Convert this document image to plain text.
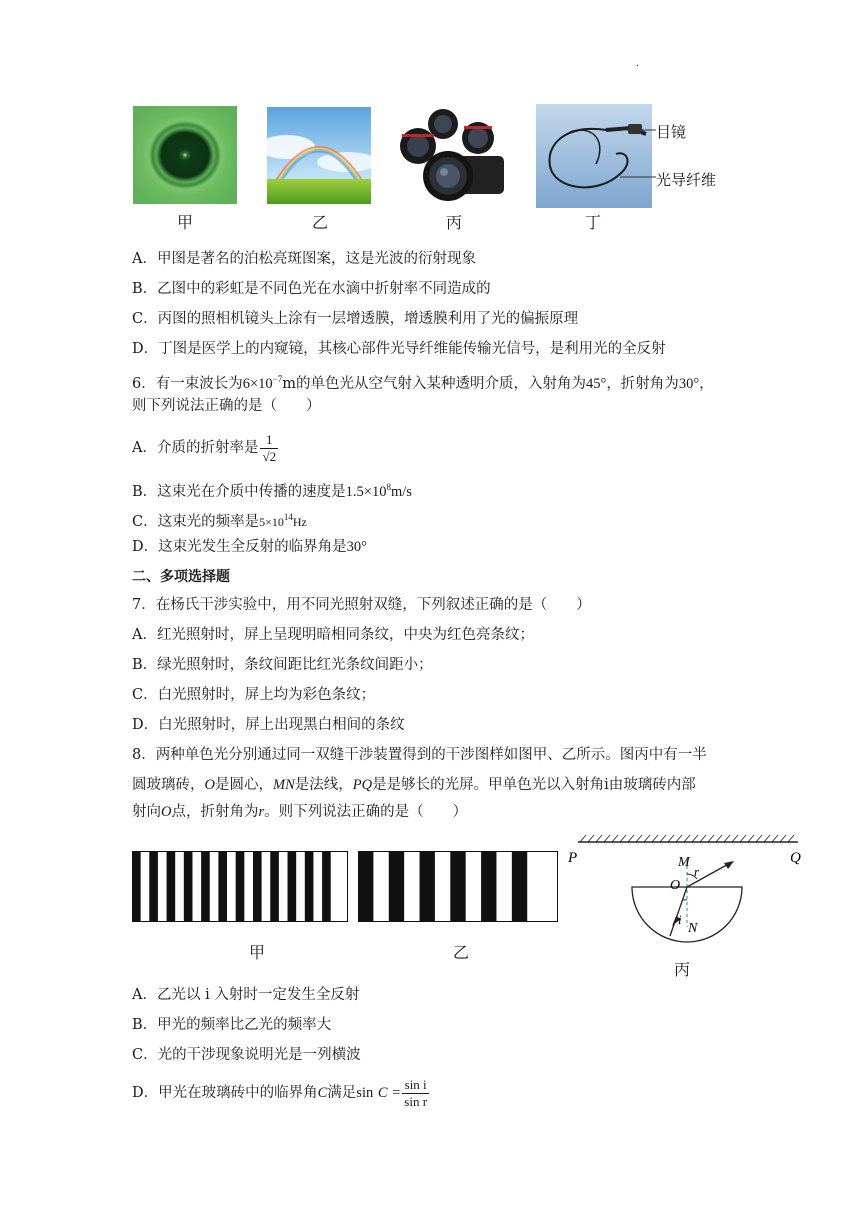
.
目镜
光导纤维
甲	乙	丙	丁
A．甲图是著名的泊松亮斑图案，这是光波的衍射现象
B．乙图中的彩虹是不同色光在水滴中折射率不同造成的
C．丙图的照相机镜头上涂有一层增透膜，增透膜利用了光的偏振原理
D．丁图是医学上的内窥镜，其核心部件光导纤维能传输光信号，是利用光的全反射
6．有一束波长为$6\times 10^{-7}m$的单色光从空气射入某种透明介质，入射角为45°，折射角为30°，
则下列说法正确的是（　　）
A．介质的折射率是 $\frac{1}{√2}$
B．这束光在介质中传播的速度是$1.5\times 10^8m/s$
C．这束光的频率是$5\times 10^{14}Hz$
D．这束光发生全反射的临界角是30°
二、多项选择题
7．在杨氏干涉实验中，用不同光照射双缝，下列叙述正确的是（　　）
A．红光照射时，屏上呈现明暗相同条纹，中央为红色亮条纹；
B．绿光照射时，条纹间距比红光条纹间距小；
C．白光照射时，屏上均为彩色条纹；
D．白光照射时，屏上出现黑白相间的条纹
8．两种单色光分别通过同一双缝干涉装置得到的干涉图样如图甲、乙所示。图丙中有一半
圆玻璃砖，O是圆心，MN是法线，PQ是是够长的光屏。甲单色光以入射角i由玻璃砖内部
射向O点，折射角为r。则下列说法正确的是（　　）
甲	乙
P	Q
M
O
r
i
N
丙
A．乙光以 i 入射时一定发生全反射
B．甲光的频率比乙光的频率大
C．光的干涉现象说明光是一列横波
D．甲光在玻璃砖中的临界角C满足$\sin C = \frac{\text{sin i}}{\text{sin r}}$
